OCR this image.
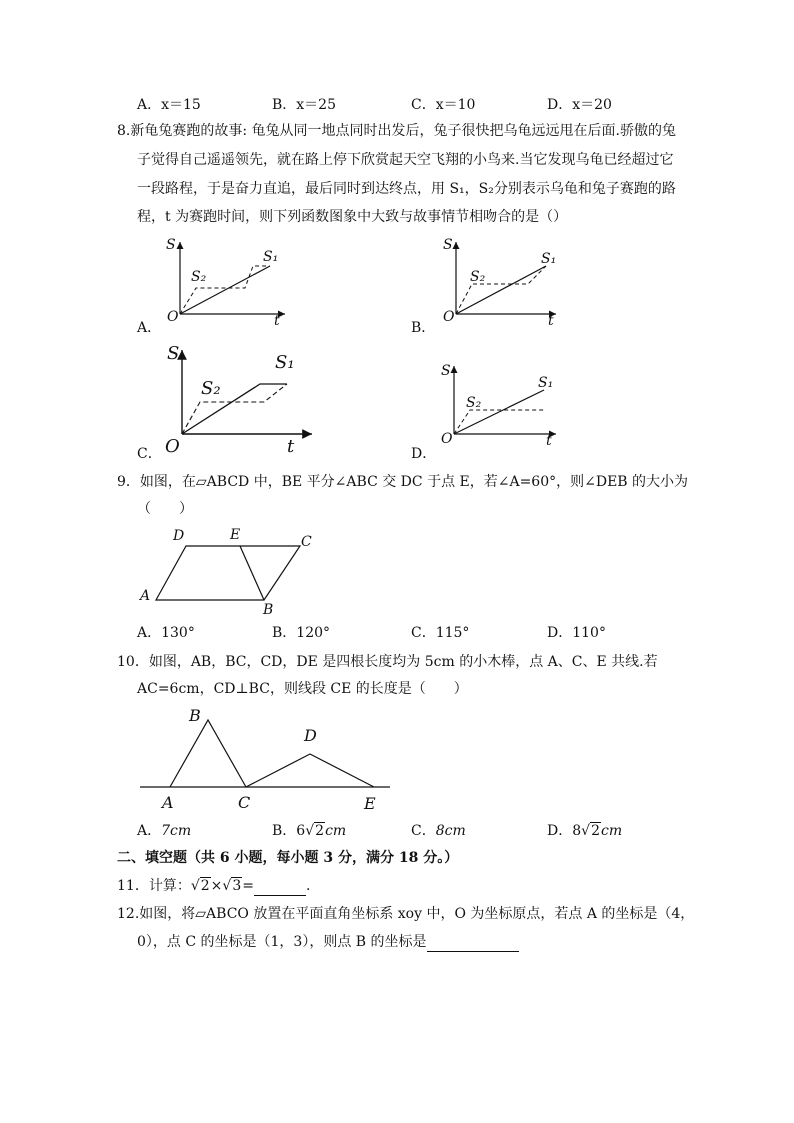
A．x＝15	B．x＝25	C．x＝10	D．x＝20
8.新龟兔赛跑的故事: 龟兔从同一地点同时出发后，兔子很快把乌龟远远甩在后面.骄傲的兔
子觉得自己遥遥领先，就在路上停下欣赏起天空飞翔的小鸟来.当它发现乌龟已经超过它
一段路程，于是奋力直追，最后同时到达终点，用 S₁，S₂分别表示乌龟和兔子赛跑的路
程，t 为赛跑时间，则下列函数图象中大致与故事情节相吻合的是（）
A．
S
t
O
S₁
S₂
B．
S
t
O
S₁
S₂
C．
S
t
O
S₁
S₂
D．
S
t
O
S₁
S₂
9．如图，在▱ABCD 中，BE 平分∠ABC 交 DC 于点 E，若∠A=60°，则∠DEB 的大小为
（　　）
A
B
C
D	E
A．130°	B．120°	C．115°	D．110°
10．如图，AB，BC，CD，DE 是四根长度均为 5cm 的小木棒，点 A、C、E 共线.若
AC=6cm，CD⊥BC，则线段 CE 的长度是（　　）
A
B
C
D
E
A．7cm	B．6√2cm	C．8cm	D．8√2cm
二、填空题（共 6 小题，每小题 3 分，满分 18 分。）
11．计算：√2×√3=	.
12.如图，将▱ABCO 放置在平面直角坐标系 xoy 中，O 为坐标原点，若点 A 的坐标是（4，
0），点 C 的坐标是（1，3），则点 B 的坐标是
